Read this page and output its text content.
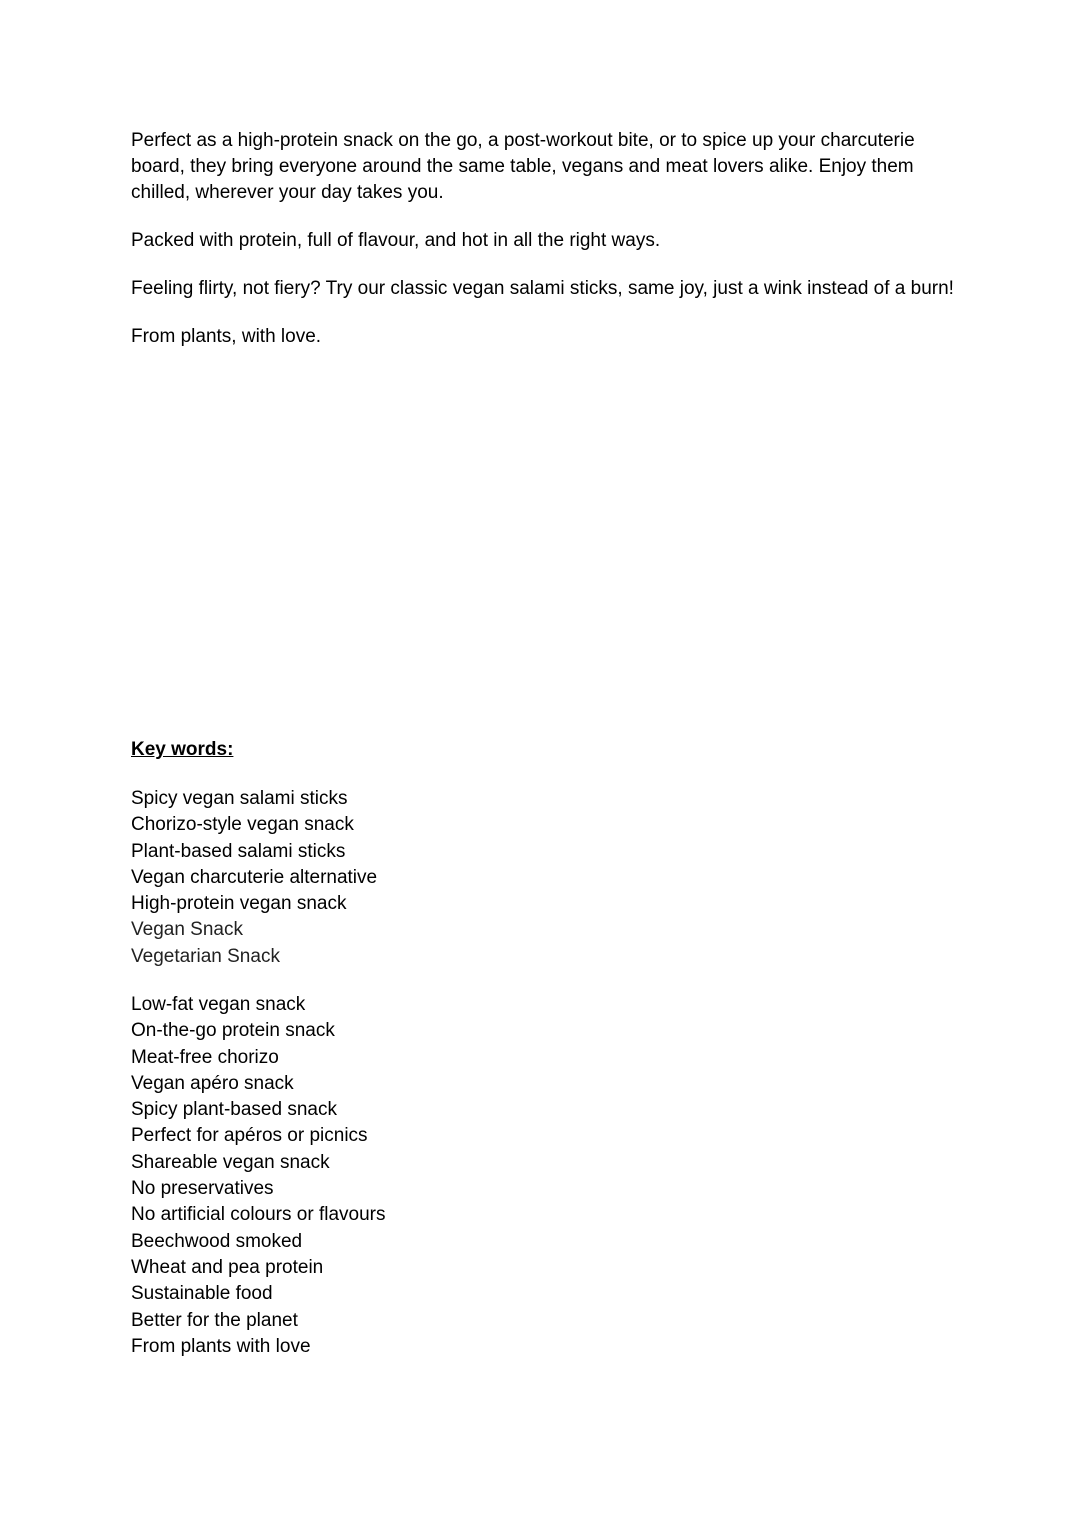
Perfect as a high-protein snack on the go, a post-workout bite, or to spice up your charcuterie board, they bring everyone around the same table, vegans and meat lovers alike. Enjoy them chilled, wherever your day takes you.

Packed with protein, full of flavour, and hot in all the right ways.

Feeling flirty, not fiery? Try our classic vegan salami sticks, same joy, just a wink instead of a burn!

From plants, with love.

Key words:

Spicy vegan salami sticks

Chorizo-style vegan snack

Plant-based salami sticks

Vegan charcuterie alternative

High-protein vegan snack

Vegan Snack

Vegetarian Snack

Low-fat vegan snack

On-the-go protein snack

Meat-free chorizo

Vegan apéro snack

Spicy plant-based snack

Perfect for apéros or picnics

Shareable vegan snack

No preservatives

No artificial colours or flavours

Beechwood smoked

Wheat and pea protein

Sustainable food

Better for the planet

From plants with love
